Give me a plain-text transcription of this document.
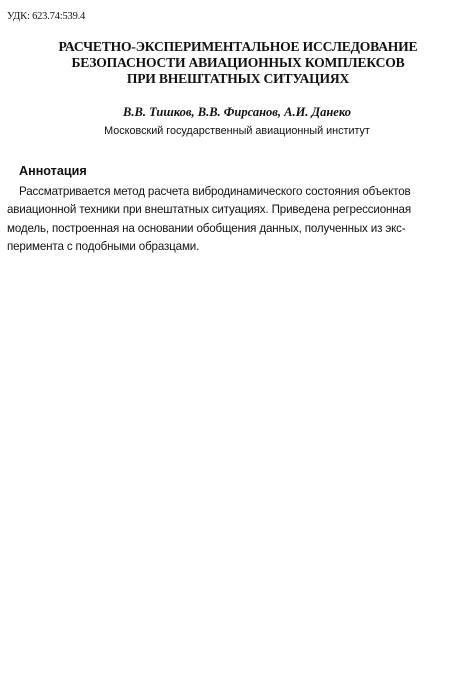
УДК: 623.74:539.4
РАСЧЕТНО-ЭКСПЕРИМЕНТАЛЬНОЕ ИССЛЕДОВАНИЕ
БЕЗОПАСНОСТИ АВИАЦИОННЫХ КОМПЛЕКСОВ
ПРИ ВНЕШТАТНЫХ СИТУАЦИЯХ
В.В. Тишков, В.В. Фирсанов, А.И. Данеко
Московский государственный авиационный институт
Аннотация
Рассматривается метод расчета вибродинамического состояния объектов
авиационной техники при внештатных ситуациях. Приведена регрессионная
модель, построенная на основании обобщения данных, полученных из экс-
перимента с подобными образцами.
